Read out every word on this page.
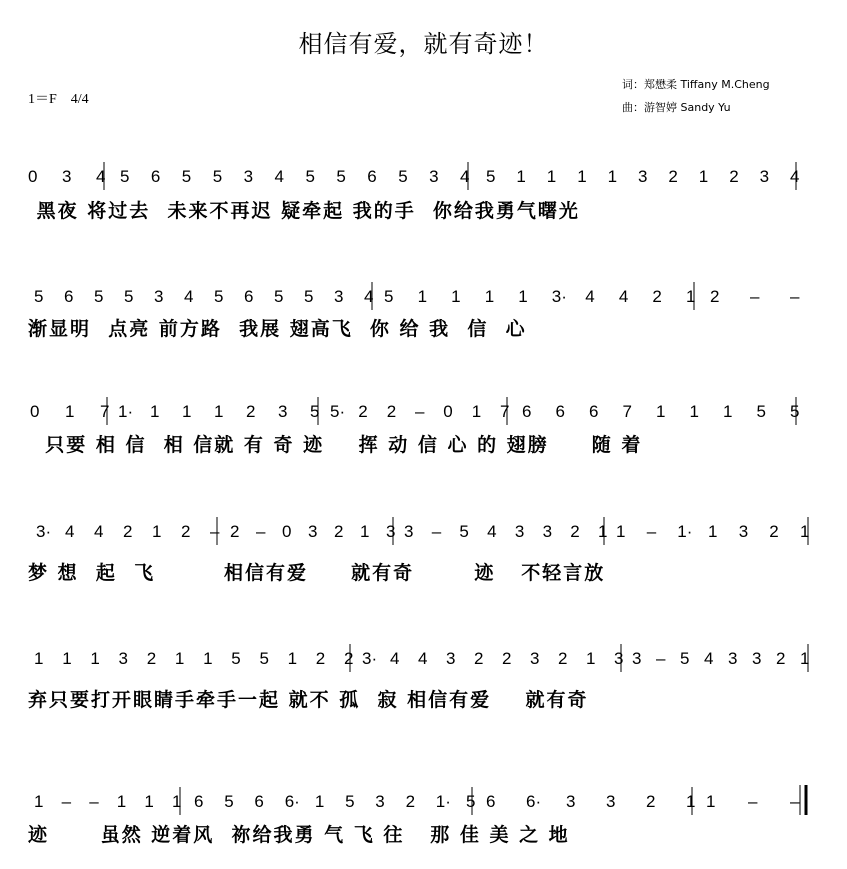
相信有爱，就有奇迹！
1＝F　4/4
词：郑懋柔 Tiffany M.Cheng
曲：游智婷 Sandy Yu
0 3 4 5 6 5 5 3 4 5 5 6 5 3 4 5 1 1 1 1 3 2 1 2 3 4
黑夜 将过去  未来不再迟 疑牵起 我的手  你给我勇气曙光
5 6 5 5 3 4 5 6 5 5 3 4 5 1 1 1 1 3· 4 4 2 1 2 – –
渐显明  点亮 前方路  我展 翅高飞  你 给 我  信  心
0 1 7 1· 1 1 1 2 3 5 5· 2 2 – 0 1 7 6 6 6 7 1 1 1 5 5
只要 相 信  相 信就 有 奇 迹    挥 动 信 心 的 翅膀     随 着
3· 4 4 2 1 2 – 2 – 0 3 2 1 3 3 – 5 4 3 3 2 1 1 – 1· 1 3 2 1
梦 想  起  飞        相信有爱     就有奇       迹   不轻言放
1 1 1 3 2 1 1 5 5 1 2 2 3· 4 4 3 2 2 3 2 1 3 3 – 5 4 3 3 2 1
弃只要打开眼睛手牵手一起 就不 孤  寂 相信有爱    就有奇
1 – – 1 1 1 6 5 6 6· 1 5 3 2 1· 5 6 6· 3 3 2 1 1 – –
迹      虽然 逆着风  祢给我勇 气 飞 往   那 佳 美 之 地
